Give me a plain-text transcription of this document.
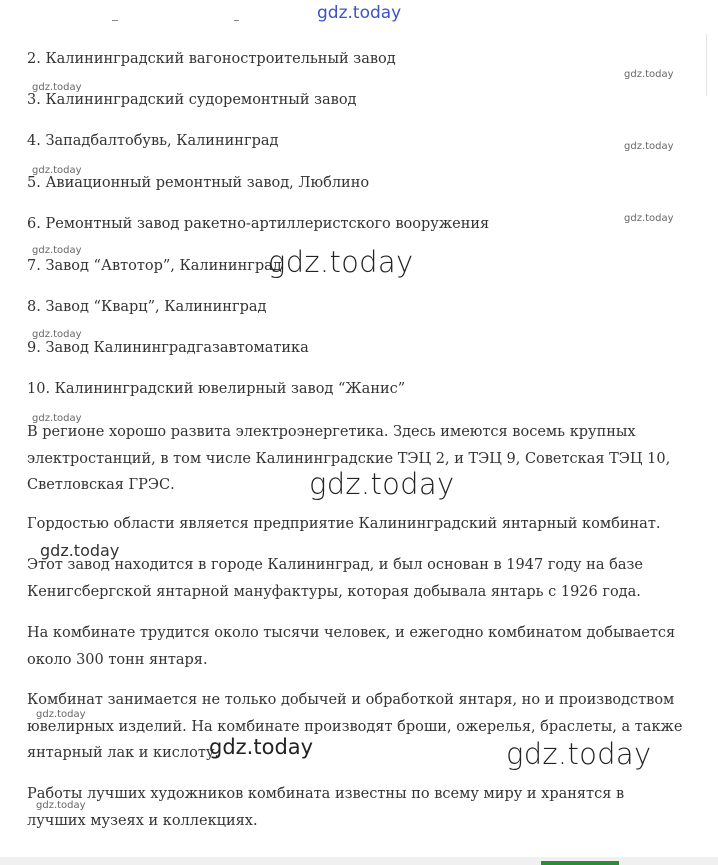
gdz.today

2. Калининградский вагоностроительный завод

3. Калининградский судоремонтный завод

4. Западбалтобувь, Калининград

5. Авиационный ремонтный завод, Люблино

6. Ремонтный завод ракетно-артиллеристского вооружения

7. Завод “Автотор”, Калининград

8. Завод “Кварц”, Калининград

9. Завод Калининградгазавтоматика

10. Калининградский ювелирный завод “Жанис”

В регионе хорошо развита электроэнергетика. Здесь имеются восемь крупных электростанций, в том числе Калининградские ТЭЦ 2, и ТЭЦ 9, Советская ТЭЦ 10, Светловская ГРЭС.

Гордостью области является предприятие Калининградский янтарный комбинат.

Этот завод находится в городе Калининград, и был основан в 1947 году на базе Кенигсбергской янтарной мануфактуры, которая добывала янтарь с 1926 года.

На комбинате трудится около тысячи человек, и ежегодно комбинатом добывается около 300 тонн янтаря.

Комбинат занимается не только добычей и обработкой янтаря, но и производством ювелирных изделий. На комбинате производят броши, ожерелья, браслеты, а также янтарный лак и кислоту.

Работы лучших художников комбината известны по всему миру и хранятся в лучших музеях и коллекциях.

gdz.today
gdz.today
gdz.today
gdz.today
gdz.today
gdz.today
gdz.today
gdz.today
gdz.today
gdz.today
gdz.today
gdz.today
gdz.today
gdz.today
gdz.today
